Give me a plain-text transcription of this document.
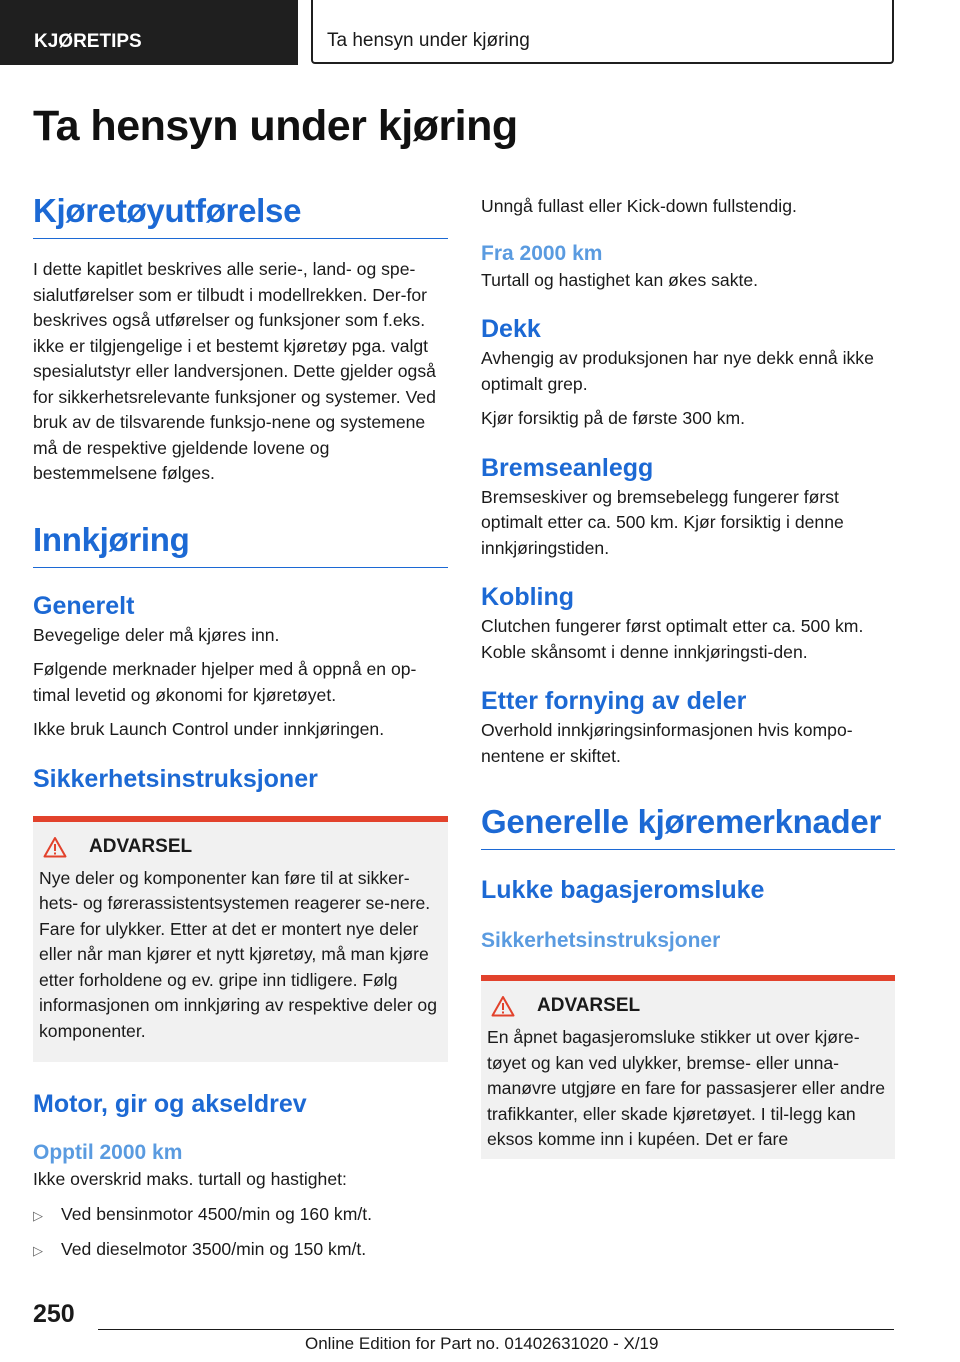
KJØRETIPS	Ta hensyn under kjøring
Ta hensyn under kjøring
Kjøretøyutførelse

I dette kapitlet beskrives alle serie-, land- og spe-sialutførelser som er tilbudt i modellrekken. Der-for beskrives også utførelser og funksjoner som f.eks. ikke er tilgjengelige i et bestemt kjøretøy pga. valgt spesialutstyr eller landversjonen. Dette gjelder også for sikkerhetsrelevante funksjoner og systemer. Ved bruk av de tilsvarende funksjo-nene og systemene må de respektive gjeldende lovene og bestemmelsene følges.

Innkjøring
Generelt

Bevegelige deler må kjøres inn.

Følgende merknader hjelper med å oppnå en op-timal levetid og økonomi for kjøretøyet.

Ikke bruk Launch Control under innkjøringen.

Sikkerhetsinstruksjoner
ADVARSEL

Nye deler og komponenter kan føre til at sikker-hets- og førerassistentsystemen reagerer se-nere. Fare for ulykker. Etter at det er montert nye deler eller når man kjører et nytt kjøretøy, må man kjøre etter forholdene og ev. gripe inn tidligere. Følg informasjonen om innkjøring av respektive deler og komponenter.

Motor, gir og akseldrev
Opptil 2000 km

Ikke overskrid maks. turtall og hastighet:

▷	Ved bensinmotor 4500/min og 160 km/t.
▷	Ved dieselmotor 3500/min og 150 km/t.

Unngå fullast eller Kick-down fullstendig.

Fra 2000 km

Turtall og hastighet kan økes sakte.

Dekk

Avhengig av produksjonen har nye dekk ennå ikke optimalt grep.

Kjør forsiktig på de første 300 km.

Bremseanlegg

Bremseskiver og bremsebelegg fungerer først optimalt etter ca. 500 km. Kjør forsiktig i denne innkjøringstiden.

Kobling

Clutchen fungerer først optimalt etter ca. 500 km. Koble skånsomt i denne innkjøringsti-den.

Etter fornying av deler

Overhold innkjøringsinformasjonen hvis kompo-nentene er skiftet.

Generelle kjøremerknader
Lukke bagasjeromsluke
Sikkerhetsinstruksjoner
ADVARSEL

En åpnet bagasjeromsluke stikker ut over kjøre-tøyet og kan ved ulykker, bremse- eller unna-manøvre utgjøre en fare for passasjerer eller andre trafikkanter, eller skade kjøretøyet. I til-legg kan eksos komme inn i kupéen. Det er fare

250
Online Edition for Part no. 01402631020 - X/19
